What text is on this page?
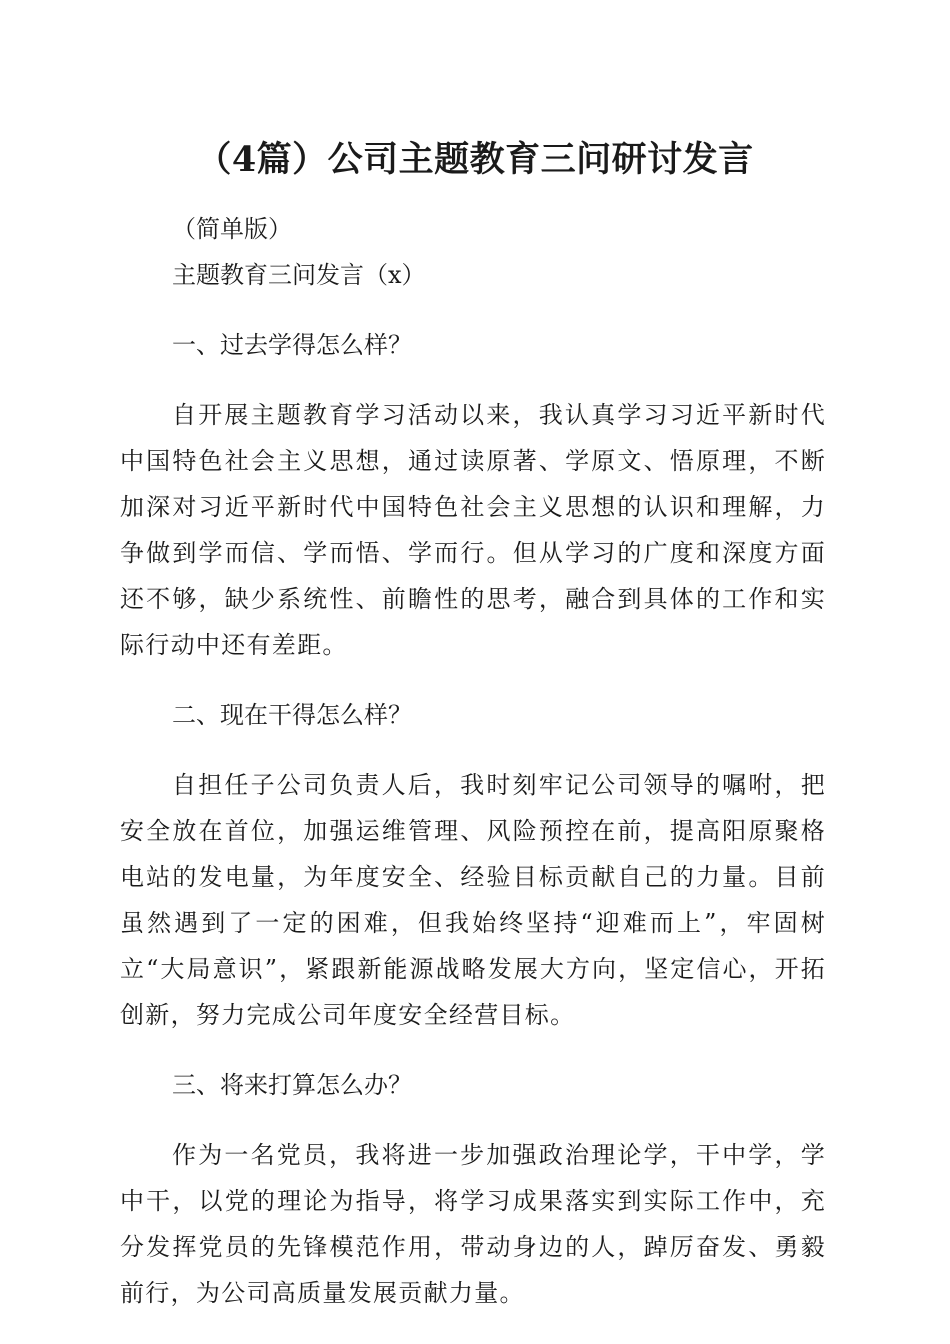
（4篇）公司主题教育三问研讨发言

（简单版）

主题教育三问发言（x）

一、过去学得怎么样？

自开展主题教育学习活动以来，我认真学习习近平新时代中国特色社会主义思想，通过读原著、学原文、悟原理，不断加深对习近平新时代中国特色社会主义思想的认识和理解，力争做到学而信、学而悟、学而行。但从学习的广度和深度方面还不够，缺少系统性、前瞻性的思考，融合到具体的工作和实际行动中还有差距。

二、现在干得怎么样？

自担任子公司负责人后，我时刻牢记公司领导的嘱咐，把安全放在首位，加强运维管理、风险预控在前，提高阳原聚格电站的发电量，为年度安全、经验目标贡献自己的力量。目前虽然遇到了一定的困难，但我始终坚持“迎难而上”，牢固树立“大局意识”，紧跟新能源战略发展大方向，坚定信心，开拓创新，努力完成公司年度安全经营目标。

三、将来打算怎么办？

作为一名党员，我将进一步加强政治理论学，干中学，学中干，以党的理论为指导，将学习成果落实到实际工作中，充分发挥党员的先锋模范作用，带动身边的人，踔厉奋发、勇毅前行，为公司高质量发展贡献力量。
